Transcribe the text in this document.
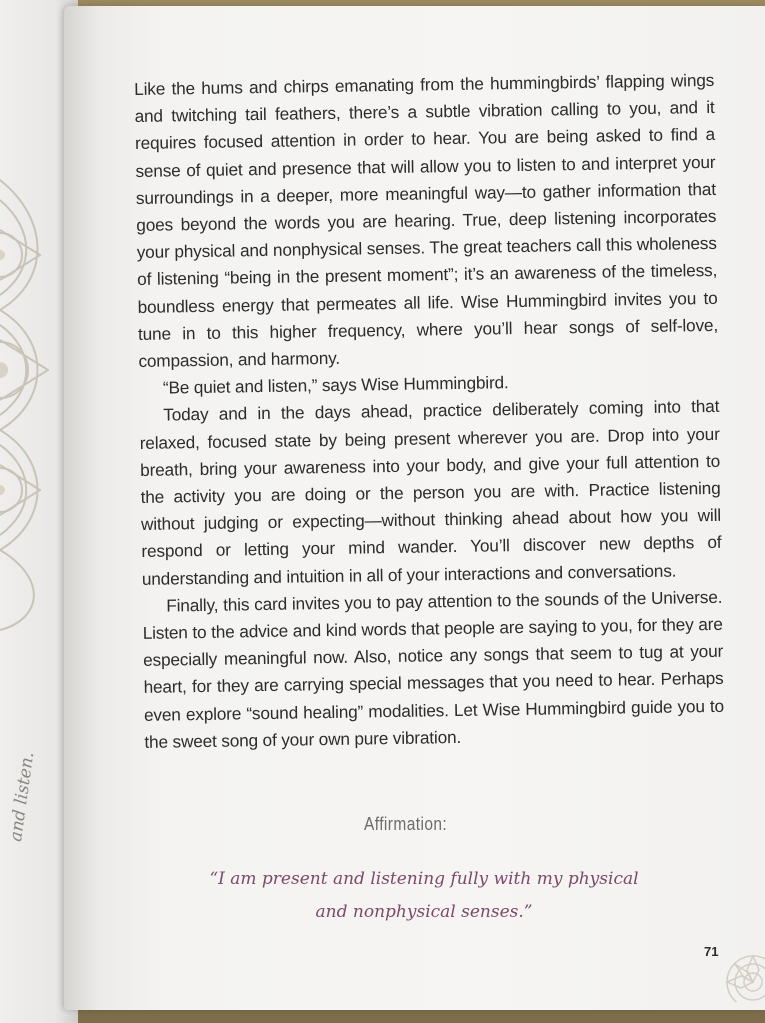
and listen.

Like the hums and chirps emanating from the hummingbirds’ flapping wings and twitching tail feathers, there’s a subtle vibration calling to you, and it requires focused attention in order to hear. You are being asked to find a sense of quiet and presence that will allow you to listen to and interpret your surroundings in a deeper, more meaningful way—to gather information that goes beyond the words you are hearing. True, deep listening incorporates your physical and nonphysical senses. The great teachers call this wholeness of listening “being in the present moment”; it’s an awareness of the timeless, boundless energy that permeates all life. Wise Hummingbird invites you to tune in to this higher frequency, where you’ll hear songs of self-love, compassion, and harmony.

“Be quiet and listen,” says Wise Hummingbird.

Today and in the days ahead, practice deliberately coming into that relaxed, focused state by being present wherever you are. Drop into your breath, bring your awareness into your body, and give your full attention to the activity you are doing or the person you are with. Practice listening without judging or expecting—without thinking ahead about how you will respond or letting your mind wander. You’ll discover new depths of understanding and intuition in all of your interactions and conversations.

Finally, this card invites you to pay attention to the sounds of the Universe. Listen to the advice and kind words that people are saying to you, for they are especially meaningful now. Also, notice any songs that seem to tug at your heart, for they are carrying special messages that you need to hear. Perhaps even explore “sound healing” modalities. Let Wise Hummingbird guide you to the sweet song of your own pure vibration.

Affirmation:
“I am present and listening fully with my physical
and nonphysical senses.”
71
